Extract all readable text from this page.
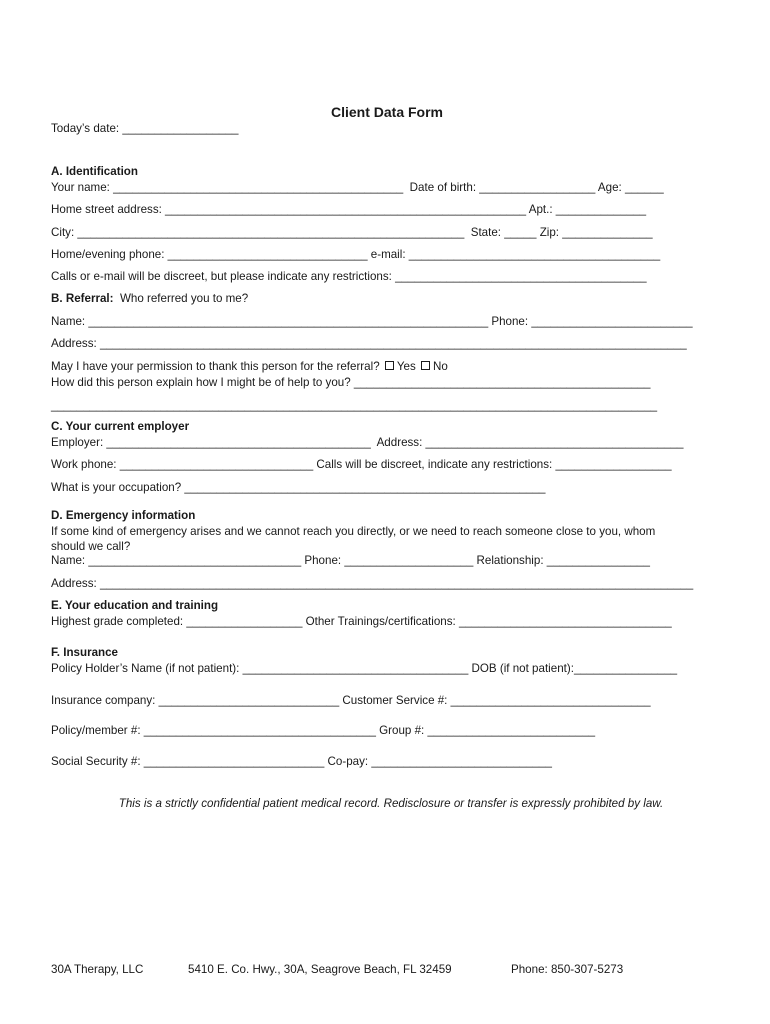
Client Data Form
Today’s date: __________________
A. Identification
Your name: _____________________________________________  Date of birth: __________________ Age: ______
Home street address: ________________________________________________________ Apt.: ______________
City: ____________________________________________________________  State: _____ Zip: ______________
Home/evening phone: _______________________________ e-mail: _______________________________________
Calls or e-mail will be discreet, but please indicate any restrictions: _______________________________________
B. Referral:  Who referred you to me?
Name: ______________________________________________________________ Phone: _________________________
Address: ___________________________________________________________________________________________
May I have your permission to thank this person for the referral? Yes No
How did this person explain how I might be of help to you? ______________________________________________
______________________________________________________________________________________________
C. Your current employer
Employer: _________________________________________  Address: ________________________________________
Work phone: ______________________________ Calls will be discreet, indicate any restrictions: __________________
What is your occupation? ________________________________________________________
D. Emergency information
If some kind of emergency arises and we cannot reach you directly, or we need to reach someone close to you, whom
should we call?
Name: _________________________________ Phone: ____________________ Relationship: ________________
Address: ____________________________________________________________________________________________
E. Your education and training
Highest grade completed: __________________ Other Trainings/certifications: _________________________________
F. Insurance
Policy Holder’s Name (if not patient): ___________________________________ DOB (if not patient):________________
Insurance company: ____________________________ Customer Service #: _______________________________
Policy/member #: ____________________________________ Group #: __________________________
Social Security #: ____________________________ Co-pay: ____________________________
This is a strictly confidential patient medical record. Redisclosure or transfer is expressly prohibited by law.
30A Therapy, LLC	5410 E. Co. Hwy., 30A, Seagrove Beach, FL 32459	Phone: 850-307-5273
